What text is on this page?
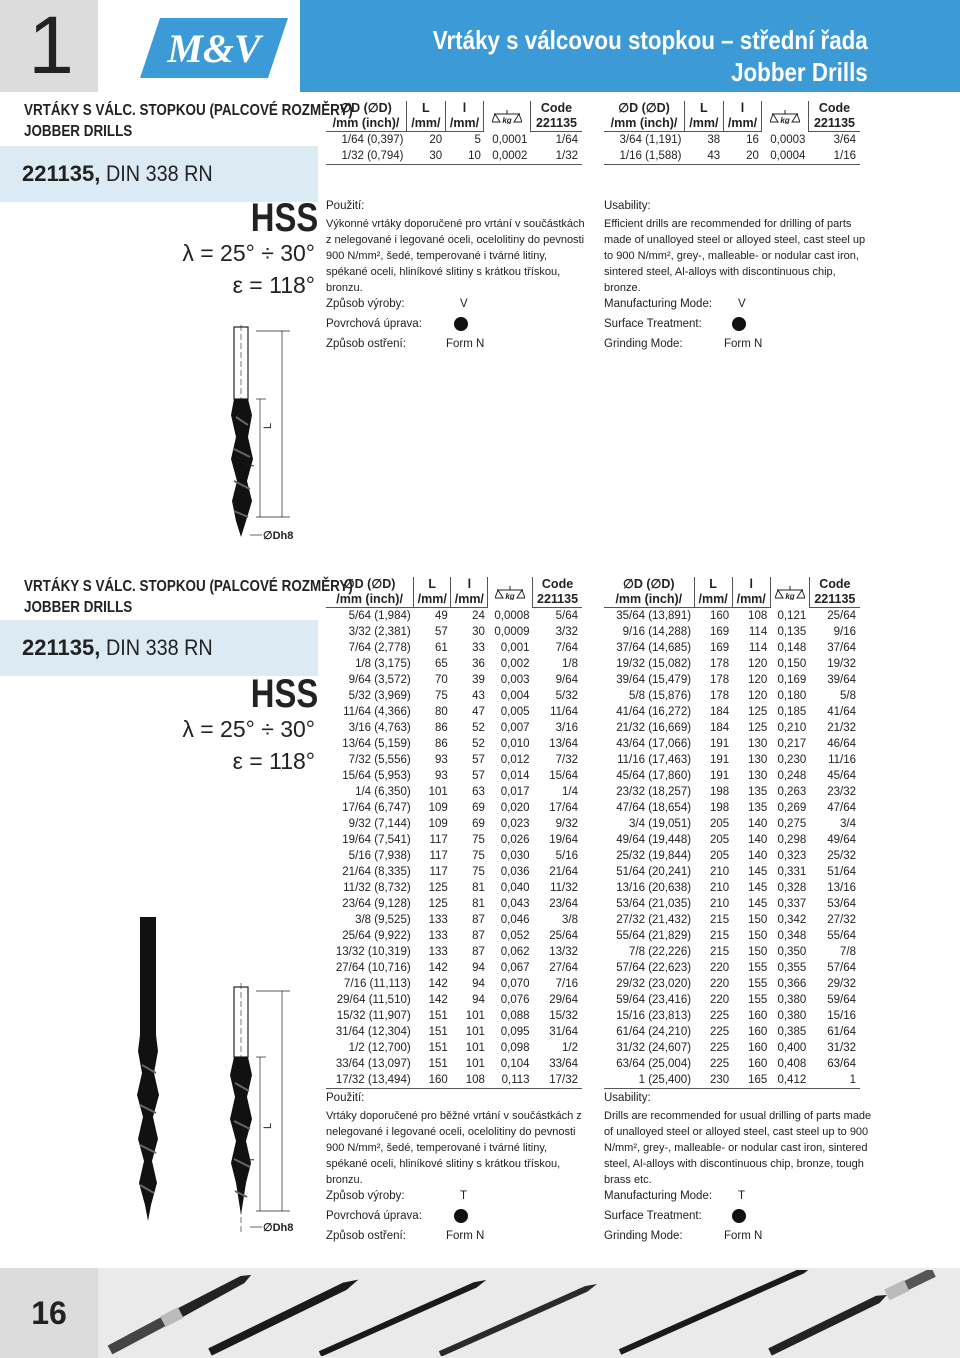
1	M&V	Vrtáky s válcovou stopkou – střední řada
Jobber Drills
VRTÁKY S VÁLC. STOPKOU (PALCOVÉ ROZMĚRY)
JOBBER DRILLS
221135, DIN 338 RN
HSS
λ = 25° ÷ 30°
ε = 118°
L
l
∅Dh8
∅D (∅D)	L	l	kg	Code
/mm (inch)/	/mm/	/mm/		221135
1/64 (0,397)	20	5	0,0001	1/64
1/32 (0,794)	30	10	0,0002	1/32
∅D (∅D)	L	l	kg	Code
/mm (inch)/	/mm/	/mm/		221135
3/64 (1,191)	38	16	0,0003	3/64
1/16 (1,588)	43	20	0,0004	1/16
Použití:
Výkonné vrtáky doporučené pro vrtání v součástkách z nelegované i legované oceli, ocelolitiny do pevnosti 900 N/mm², šedé, temperované i tvárné litiny, spékané oceli, hliníkové slitiny s krátkou třískou, bronzu.
Způsob výroby:	V
Povrchová úprava:
Způsob ostření:	Form N
Usability:
Efficient drills are recommended for drilling of parts made of unalloyed steel or alloyed steel, cast steel up to 900 N/mm², grey-, malleable- or nodular cast iron, sintered steel, Al-alloys with discontinuous chip, bronze.
Manufacturing Mode: V
Surface Treatment:
Grinding Mode:	Form N
VRTÁKY S VÁLC. STOPKOU (PALCOVÉ ROZMĚRY)
JOBBER DRILLS
221135, DIN 338 RN
HSS
λ = 25° ÷ 30°
ε = 118°
L
l
∅Dh8
∅D (∅D)	L	l	kg	Code
/mm (inch)/	/mm/	/mm/		221135
5/64 (1,984)	49	24	0,0008	5/64
3/32 (2,381)	57	30	0,0009	3/32
7/64 (2,778)	61	33	0,001	7/64
1/8 (3,175)	65	36	0,002	1/8
9/64 (3,572)	70	39	0,003	9/64
5/32 (3,969)	75	43	0,004	5/32
11/64 (4,366)	80	47	0,005	11/64
3/16 (4,763)	86	52	0,007	3/16
13/64 (5,159)	86	52	0,010	13/64
7/32 (5,556)	93	57	0,012	7/32
15/64 (5,953)	93	57	0,014	15/64
1/4 (6,350)	101	63	0,017	1/4
17/64 (6,747)	109	69	0,020	17/64
9/32 (7,144)	109	69	0,023	9/32
19/64 (7,541)	117	75	0,026	19/64
5/16 (7,938)	117	75	0,030	5/16
21/64 (8,335)	117	75	0,036	21/64
11/32 (8,732)	125	81	0,040	11/32
23/64 (9,128)	125	81	0,043	23/64
3/8 (9,525)	133	87	0,046	3/8
25/64 (9,922)	133	87	0,052	25/64
13/32 (10,319)	133	87	0,062	13/32
27/64 (10,716)	142	94	0,067	27/64
7/16 (11,113)	142	94	0,070	7/16
29/64 (11,510)	142	94	0,076	29/64
15/32 (11,907)	151	101	0,088	15/32
31/64 (12,304)	151	101	0,095	31/64
1/2 (12,700)	151	101	0,098	1/2
33/64 (13,097)	151	101	0,104	33/64
17/32 (13,494)	160	108	0,113	17/32
∅D (∅D)	L	l	kg	Code
/mm (inch)/	/mm/	/mm/		221135
35/64 (13,891)	160	108	0,121	25/64
9/16 (14,288)	169	114	0,135	9/16
37/64 (14,685)	169	114	0,148	37/64
19/32 (15,082)	178	120	0,150	19/32
39/64 (15,479)	178	120	0,169	39/64
5/8 (15,876)	178	120	0,180	5/8
41/64 (16,272)	184	125	0,185	41/64
21/32 (16,669)	184	125	0,210	21/32
43/64 (17,066)	191	130	0,217	46/64
11/16 (17,463)	191	130	0,230	11/16
45/64 (17,860)	191	130	0,248	45/64
23/32 (18,257)	198	135	0,263	23/32
47/64 (18,654)	198	135	0,269	47/64
3/4 (19,051)	205	140	0,275	3/4
49/64 (19,448)	205	140	0,298	49/64
25/32 (19,844)	205	140	0,323	25/32
51/64 (20,241)	210	145	0,331	51/64
13/16 (20,638)	210	145	0,328	13/16
53/64 (21,035)	210	145	0,337	53/64
27/32 (21,432)	215	150	0,342	27/32
55/64 (21,829)	215	150	0,348	55/64
7/8 (22,226)	215	150	0,350	7/8
57/64 (22,623)	220	155	0,355	57/64
29/32 (23,020)	220	155	0,366	29/32
59/64 (23,416)	220	155	0,380	59/64
15/16 (23,813)	225	160	0,380	15/16
61/64 (24,210)	225	160	0,385	61/64
31/32 (24,607)	225	160	0,400	31/32
63/64 (25,004)	225	160	0,408	63/64
1 (25,400)	230	165	0,412	1
Použití:
Vrtáky doporučené pro běžné vrtání v součástkách z nelegované i legované oceli, ocelolitiny do pevnosti 900 N/mm², šedé, temperované i tvárné litiny, spékané oceli, hliníkové slitiny s krátkou třískou, bronzu.
Způsob výroby:	T
Povrchová úprava:
Způsob ostření:	Form N
Usability:
Drills are recommended for usual drilling of parts made of unalloyed steel or alloyed steel, cast steel up to 900 N/mm², grey-, malleable- or nodular cast iron, sintered steel, Al-alloys with discontinuous chip, bronze, tough brass etc.
Manufacturing Mode: T
Surface Treatment:
Grinding Mode:	Form N
16
